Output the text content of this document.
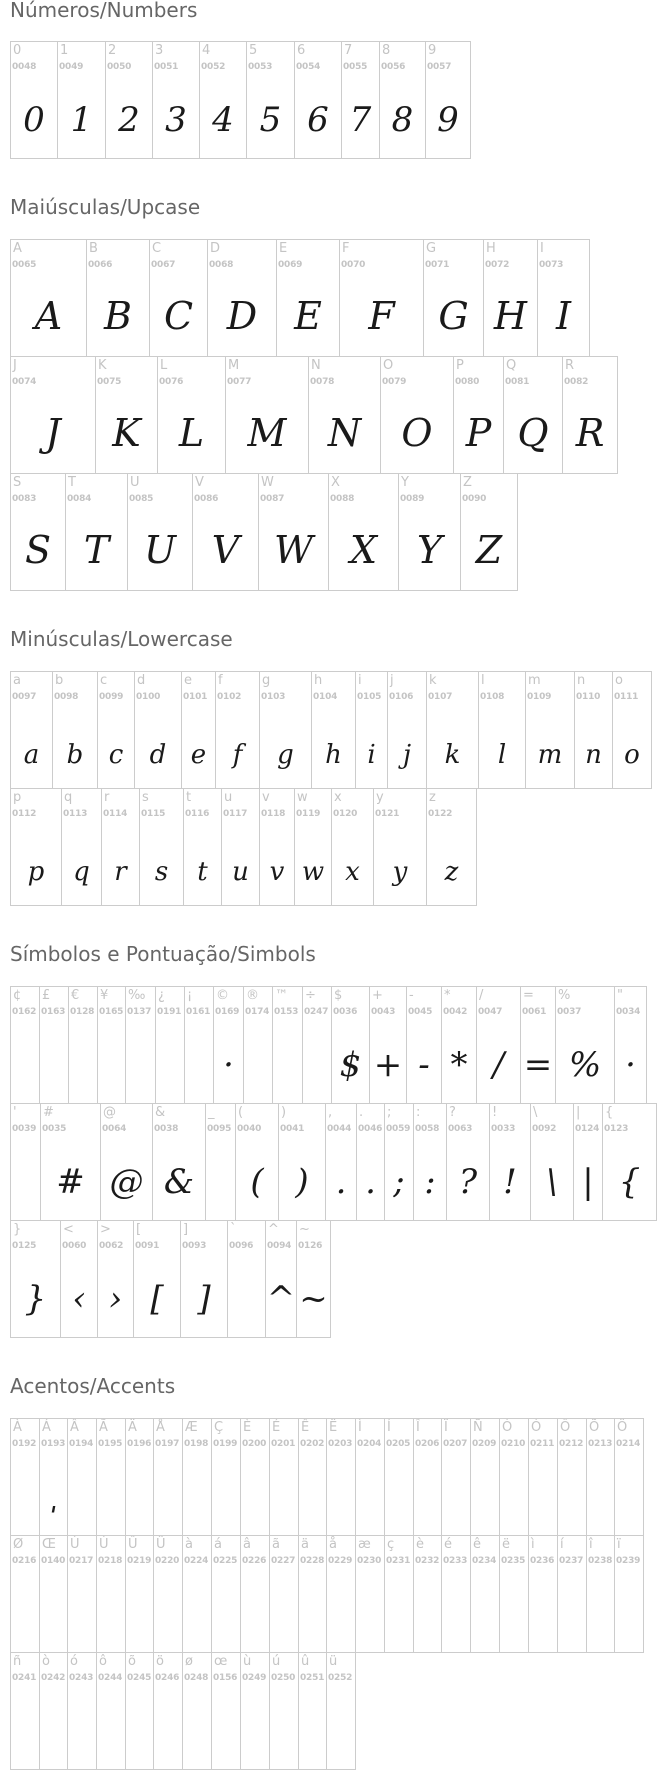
Números/Numbers
0
0048
0
1
0049
1
2
0050
2
3
0051
3
4
0052
4
5
0053
5
6
0054
6
7
0055
7
8
0056
8
9
0057
9
Maiúsculas/Upcase
A
0065
A
B
0066
B
C
0067
C
D
0068
D
E
0069
E
F
0070
F
G
0071
G
H
0072
H
I
0073
I
J
0074
J
K
0075
K
L
0076
L
M
0077
M
N
0078
N
O
0079
O
P
0080
P
Q
0081
Q
R
0082
R
S
0083
S
T
0084
T
U
0085
U
V
0086
V
W
0087
W
X
0088
X
Y
0089
Y
Z
0090
Z
Minúsculas/Lowercase
a
0097
a
b
0098
b
c
0099
c
d
0100
d
e
0101
e
f
0102
f
g
0103
g
h
0104
h
i
0105
i
j
0106
j
k
0107
k
l
0108
l
m
0109
m
n
0110
n
o
0111
o
p
0112
p
q
0113
q
r
0114
r
s
0115
s
t
0116
t
u
0117
u
v
0118
v
w
0119
w
x
0120
x
y
0121
y
z
0122
z
Símbolos e Pontuação/Simbols
¢
0162
£
0163
€
0128
¥
0165
‰
0137
¿
0191
¡
0161
©
0169
·
®
0174
™
0153
÷
0247
$
0036
$
+
0043
+
-
0045
-
*
0042
*
/
0047
/
=
0061
=
%
0037
%
"
0034
·
'
0039
#
0035
#
@
0064
@
&
0038
&
_
0095
(
0040
(
)
0041
)
,
0044
.
.
0046
.
;
0059
;
:
0058
:
?
0063
?
!
0033
!
\
0092
\
|
0124
|
{
0123
{
}
0125
}
<
0060
‹
>
0062
›
[
0091
[
]
0093
]
`
0096
^
0094
^
~
0126
~
Acentos/Accents
À
0192
Á
0193
ˌ
Â
0194
Ã
0195
Ä
0196
Å
0197
Æ
0198
Ç
0199
È
0200
É
0201
Ê
0202
Ë
0203
Ì
0204
Í
0205
Î
0206
Ï
0207
Ñ
0209
Ò
0210
Ó
0211
Ô
0212
Õ
0213
Ö
0214
Ø
0216
Œ
0140
Ù
0217
Ú
0218
Û
0219
Ü
0220
à
0224
á
0225
â
0226
ã
0227
ä
0228
å
0229
æ
0230
ç
0231
è
0232
é
0233
ê
0234
ë
0235
ì
0236
í
0237
î
0238
ï
0239
ñ
0241
ò
0242
ó
0243
ô
0244
õ
0245
ö
0246
ø
0248
œ
0156
ù
0249
ú
0250
û
0251
ü
0252
